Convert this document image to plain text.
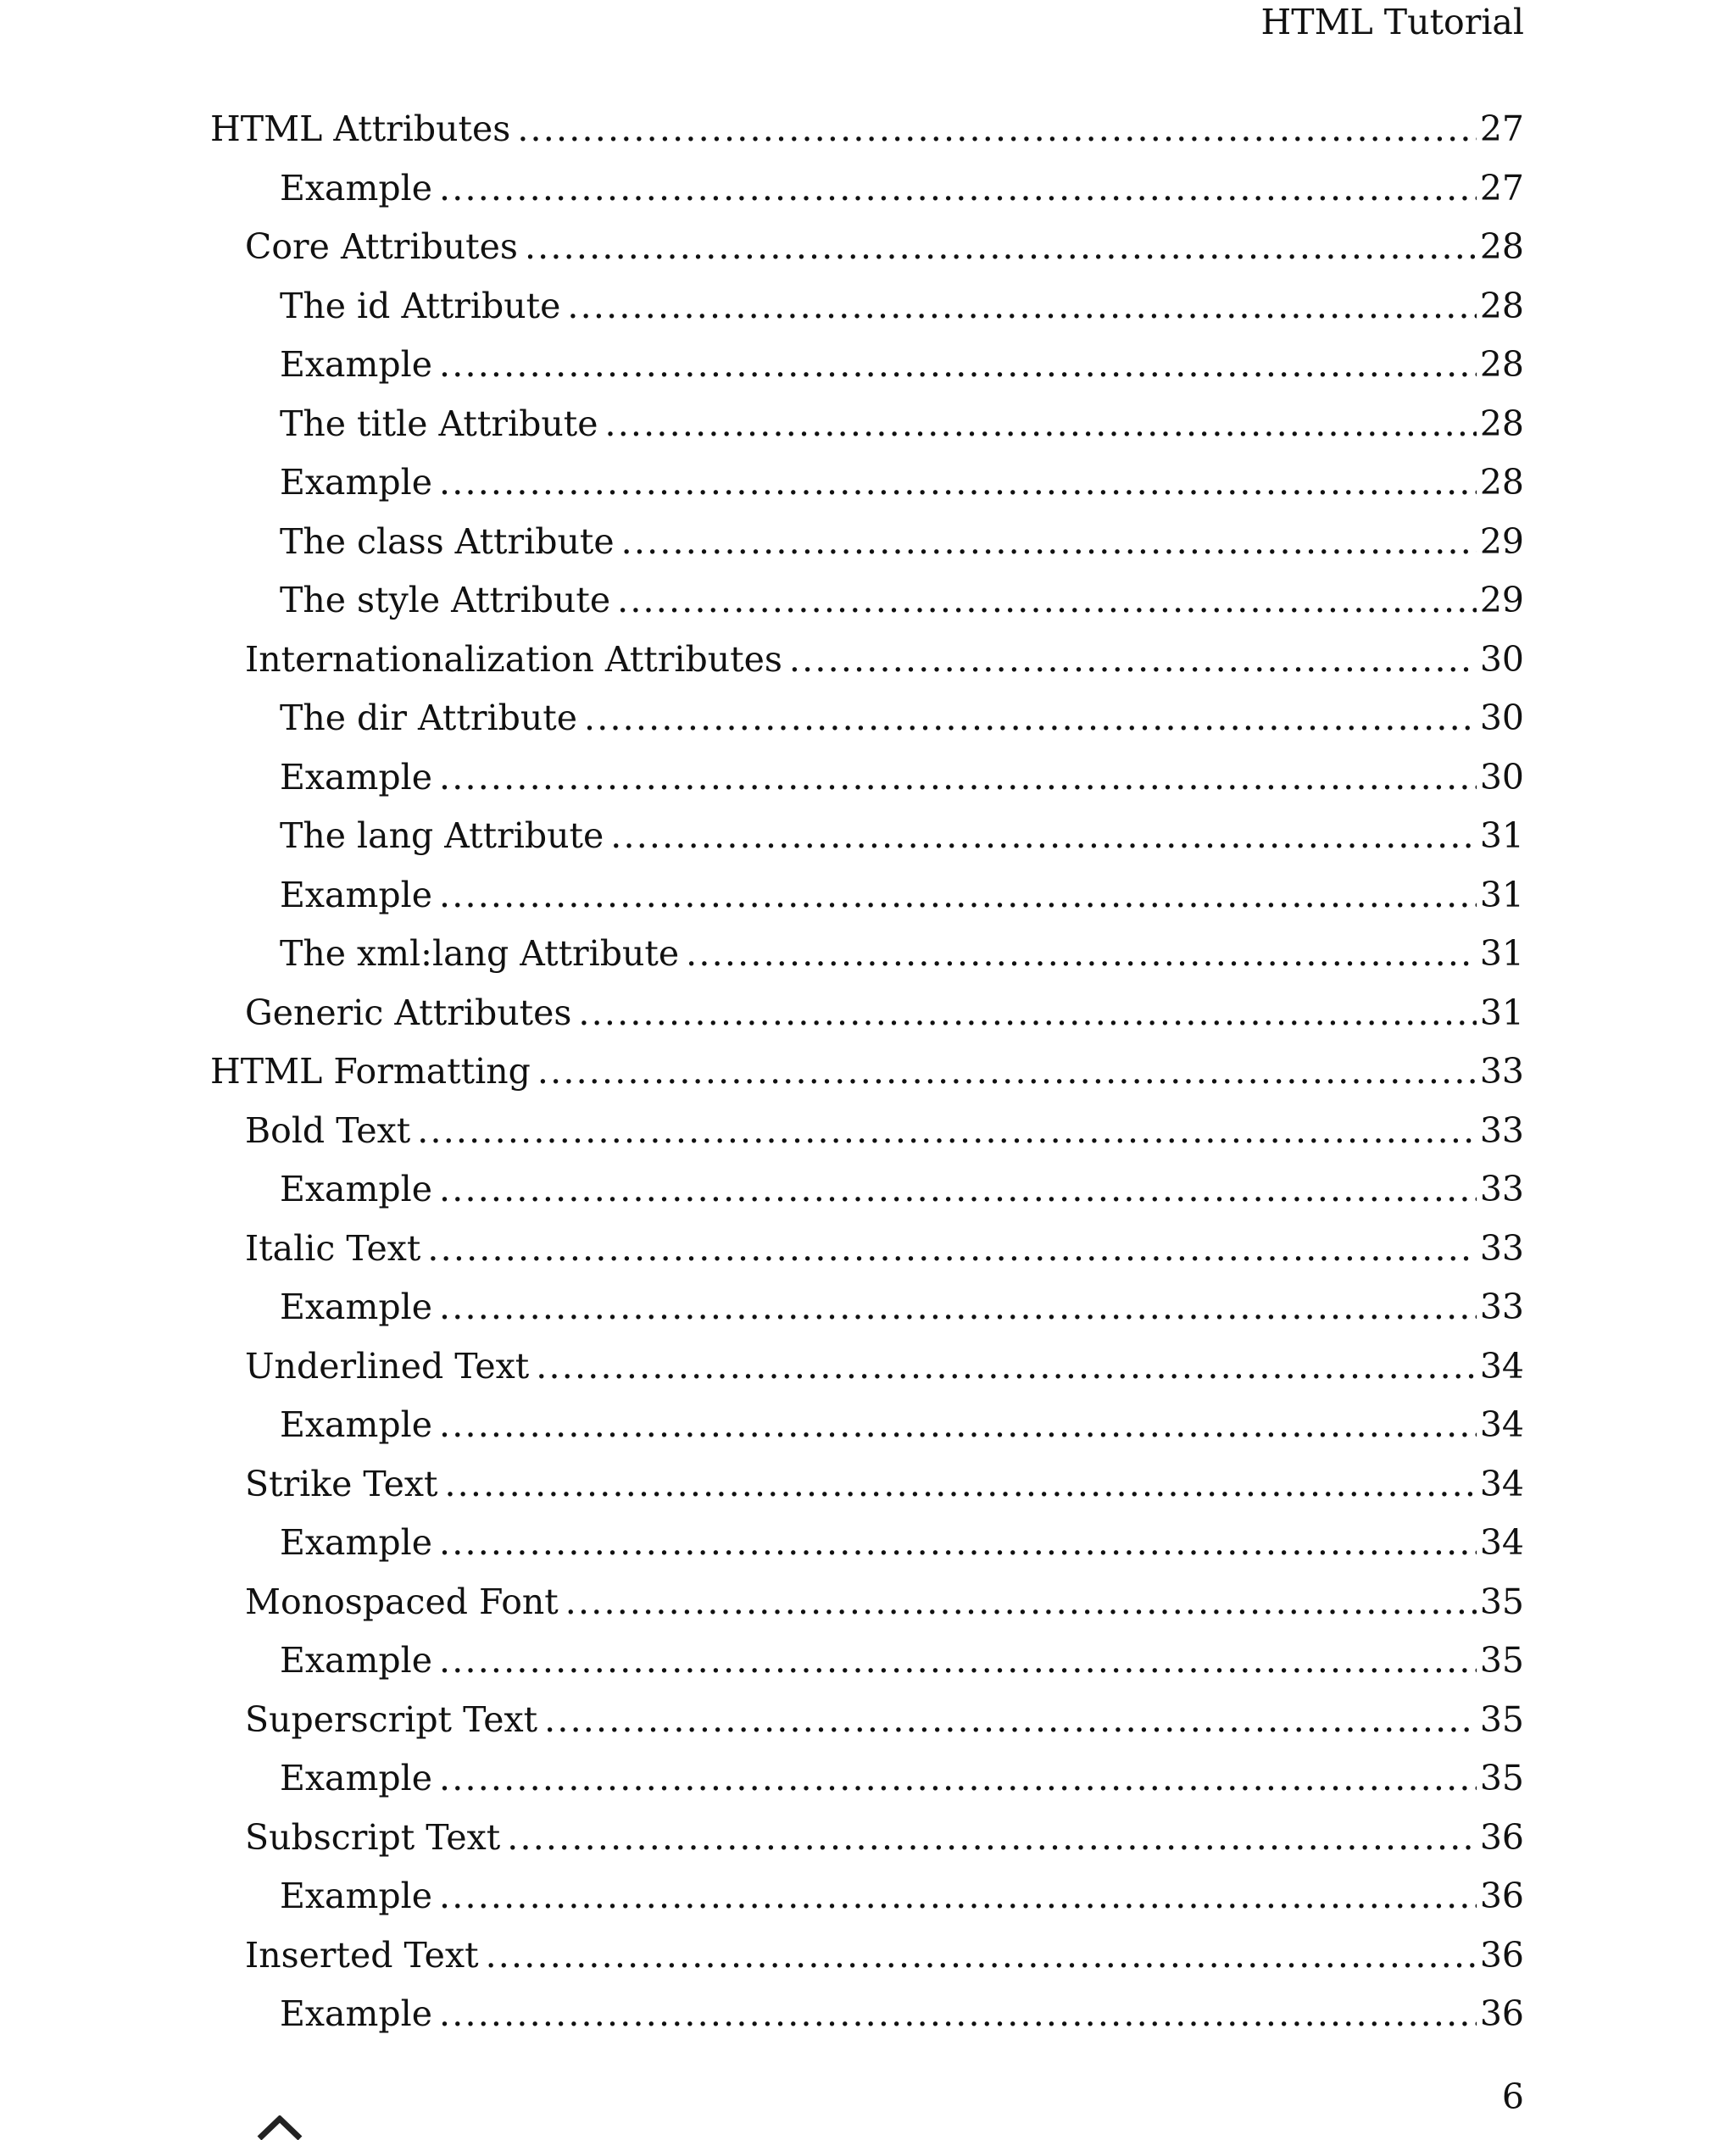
HTML Tutorial
HTML Attributes .....	27
Example .....	27
Core Attributes .....	28
The id Attribute .....	28
Example .....	28
The title Attribute .....	28
Example .....	28
The class Attribute .....	29
The style Attribute .....	29
Internationalization Attributes .....	30
The dir Attribute .....	30
Example .....	30
The lang Attribute .....	31
Example .....	31
The xml:lang Attribute .....	31
Generic Attributes .....	31
HTML Formatting .....	33
Bold Text .....	33
Example .....	33
Italic Text .....	33
Example .....	33
Underlined Text .....	34
Example .....	34
Strike Text .....	34
Example .....	34
Monospaced Font .....	35
Example .....	35
Superscript Text .....	35
Example .....	35
Subscript Text .....	36
Example .....	36
Inserted Text .....	36
Example .....	36
6
